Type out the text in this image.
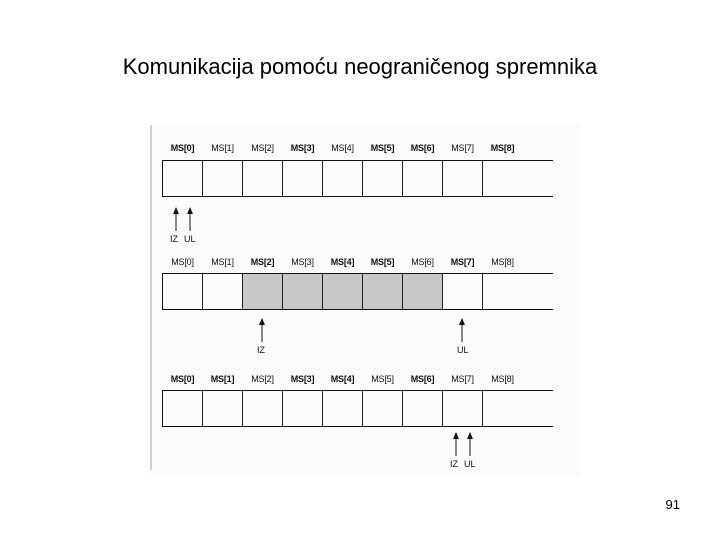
Komunikacija pomoću neograničenog spremnika
MS[0]	MS[1]	MS[2]	MS[3]	MS[4]	MS[5]	MS[6]	MS[7]	MS[8]
IZ UL
MS[0]	MS[1]	MS[2]	MS[3]	MS[4]	MS[5]	MS[6]	MS[7]	MS[8]
IZ	UL
MS[0]	MS[1]	MS[2]	MS[3]	MS[4]	MS[5]	MS[6]	MS[7]	MS[8]
IZ UL
91
